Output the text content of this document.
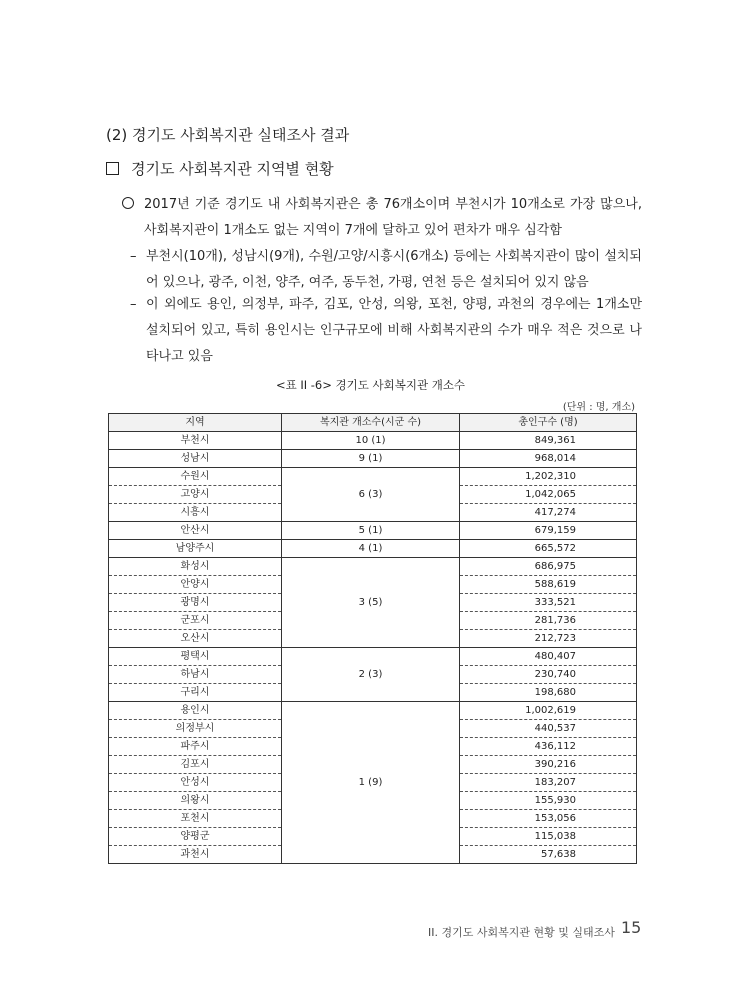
(2) 경기도 사회복지관 실태조사 결과
경기도 사회복지관 지역별 현황
2017년 기준 경기도 내 사회복지관은 총 76개소이며 부천시가 10개소로 가장 많으나, 사회복지관이 1개소도 없는 지역이 7개에 달하고 있어 편차가 매우 심각함
– 부천시(10개), 성남시(9개), 수원/고양/시흥시(6개소) 등에는 사회복지관이 많이 설치되어 있으나, 광주, 이천, 양주, 여주, 동두천, 가평, 연천 등은 설치되어 있지 않음
– 이 외에도 용인, 의정부, 파주, 김포, 안성, 의왕, 포천, 양평, 과천의 경우에는 1개소만 설치되어 있고, 특히 용인시는 인구규모에 비해 사회복지관의 수가 매우 적은 것으로 나타나고 있음
<표 II -6> 경기도 사회복지관 개소수
(단위 : 명, 개소)
지역	복지관 개소수(시군 수)	총인구수 (명)
부천시	10 (1)	849,361
성남시	9 (1)	968,014
수원시	6 (3)	1,202,310
고양시		1,042,065
시흥시		417,274
안산시	5 (1)	679,159
남양주시	4 (1)	665,572
화성시	3 (5)	686,975
안양시		588,619
광명시		333,521
군포시		281,736
오산시		212,723
평택시	2 (3)	480,407
하남시		230,740
구리시		198,680
용인시	1 (9)	1,002,619
의정부시		440,537
파주시		436,112
김포시		390,216
안성시		183,207
의왕시		155,930
포천시		153,056
양평군		115,038
과천시		57,638
II. 경기도 사회복지관 현황 및 실태조사 15
